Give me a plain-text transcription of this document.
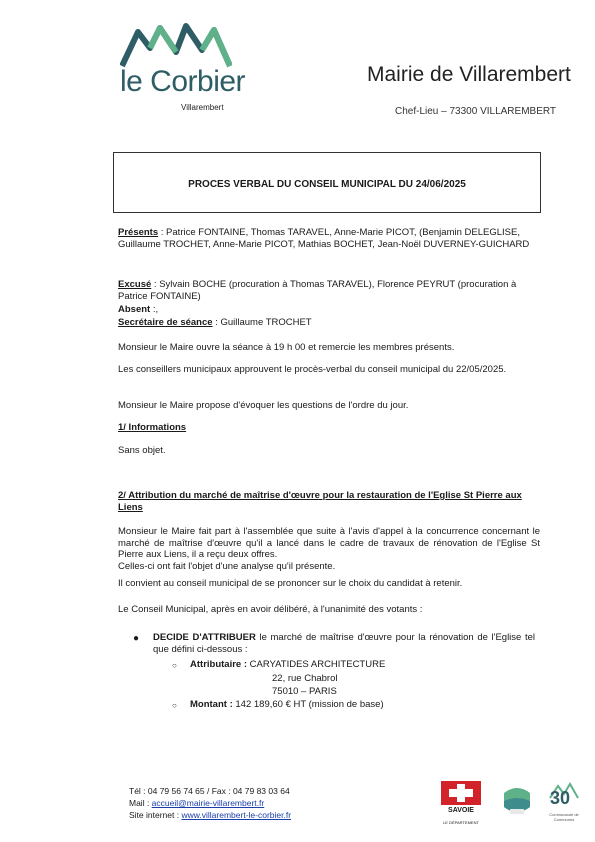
le Corbier
Villarembert
Mairie de Villarembert
Chef-Lieu – 73300 VILLAREMBERT
PROCES VERBAL DU CONSEIL MUNICIPAL DU 24/06/2025
Présents : Patrice FONTAINE, Thomas TARAVEL, Anne-Marie PICOT, (Benjamin DELEGLISE, Guillaume TROCHET, Anne-Marie PICOT, Mathias BOCHET, Jean-Noël DUVERNEY-GUICHARD
Excusé : Sylvain BOCHE (procuration à Thomas TARAVEL), Florence PEYRUT (procuration à Patrice FONTAINE)
Absent :,
Secrétaire de séance : Guillaume TROCHET
Monsieur le Maire ouvre la séance à 19 h 00 et remercie les membres présents.
Les conseillers municipaux approuvent le procès-verbal du conseil municipal du 22/05/2025.
Monsieur le Maire propose d'évoquer les questions de l'ordre du jour.
1/ Informations
Sans objet.
2/ Attribution du marché de maîtrise d'œuvre pour la restauration de l'Eglise St Pierre aux Liens
Monsieur le Maire fait part à l'assemblée que suite à l'avis d'appel à la concurrence concernant le marché de maîtrise d'œuvre qu'il a lancé dans le cadre de travaux de rénovation de l'Eglise St Pierre aux Liens, il a reçu deux offres.
Celles-ci ont fait l'objet d'une analyse qu'il présente.
Il convient au conseil municipal de se prononcer sur le choix du candidat à retenir.
Le Conseil Municipal, après en avoir délibéré, à l'unanimité des votants :
● DECIDE D'ATTRIBUER le marché de maîtrise d'œuvre pour la rénovation de l'Eglise tel que défini ci-dessous :
○ Attributaire : CARYATIDES ARCHITECTURE
22, rue Chabrol
75010 – PARIS
○ Montant : 142 189,60 € HT (mission de base)
Tél : 04 79 56 74 65 / Fax : 04 79 83 03 64
Mail : accueil@mairie-villarembert.fr
Site internet : www.villarembert-le-corbier.fr	SAVOIE
LE DÉPARTEMENT
30
Communauté de Communes
